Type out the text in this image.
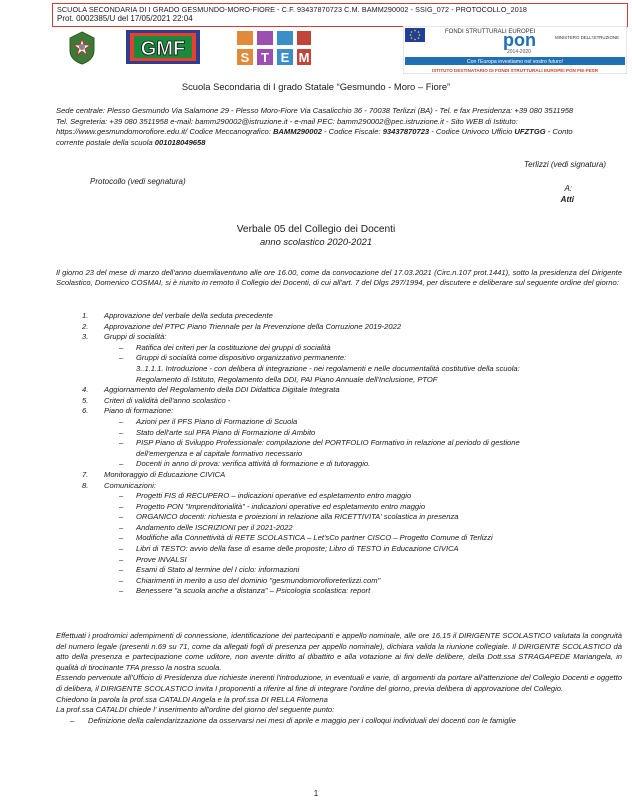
SCUOLA SECONDARIA DI I GRADO GESMUNDO-MORO-FIORE - C.F. 93437870723 C.M. BAMM290002 - SSIG_072 - PROTOCOLLO_2018
Prot. 0002385/U del 17/05/2021 22:04
GMF	S T E M
STEM
FONDI STRUTTURALI EUROPEI
pon
2014-2020
MINISTERO DELL'ISTRUZIONE
Con l'Europa investiamo nel vostro futuro!
ISTITUTO DESTINATARIO DI FONDI STRUTTURALI EUROPEI PON FIE-FESR
Scuola Secondaria di I grado Statale “Gesmundo - Moro – Fiore”
Sede centrale: Plesso Gesmundo Via Salamone 29 - Plesso Moro-Fiore Via Casalicchio 36 - 70038 Terlizzi (BA) - Tel. e fax Presidenza: +39 080 3511958
Tel. Segreteria: +39 080 3511958 e-mail: bamm290002@istruzione.it - e-mail PEC: bamm290002@pec.istruzione.it - Sito WEB di Istituto:
https://www.gesmundomorofiore.edu.it/ Codice Meccanografico: BAMM290002 - Codice Fiscale: 93437870723 - Codice Univoco Ufficio UFZTGG - Conto
corrente postale della scuola 001018049658
Terlizzi (vedi signatura)
Protocollo (vedi segnatura)
A:
Atti
Verbale 05 del Collegio dei Docenti
anno scolastico 2020-2021
Il giorno 23 del mese di marzo dell'anno duemilaventuno alle ore 16.00, come da convocazione del 17.03.2021 (Circ.n.107 prot.1441), sotto la presidenza del Dirigente Scolastico, Domenico COSMAI, si è riunito in remoto il Collegio dei Docenti, di cui all'art. 7 del Dlgs 297/1994, per discutere e deliberare sul seguente ordine del giorno:
1. Approvazione del verbale della seduta precedente
2. Approvazione del PTPC Piano Triennale per la Prevenzione della Corruzione 2019-2022
3. Gruppi di socialità:
– Ratifica dei criteri per la costituzione dei gruppi di socialità
– Gruppi di socialità come dispositivo organizzativo permanente:
3..1.1.1. Introduzione - con delibera di integrazione - nei regolamenti e nelle documentalità costitutive della scuola:
Regolamento di Istituto, Regolamento della DDI, PAI Piano Annuale dell'Inclusione, PTOF
4. Aggiornamento del Regolamento della DDI Didattica Digitale Integrata
5. Criteri di validità dell'anno scolastico -
6. Piano di formazione:
– Azioni per il PFS Piano di Formazione di Scuola
– Stato dell'arte sul PFA Piano di Formazione di Ambito
– PISP Piano di Sviluppo Professionale: compilazione del PORTFOLIO Formativo in relazione al periodo di gestione
dell'emergenza e al capitale formativo necessario
– Docenti in anno di prova: verifica attività di formazione e di tutoraggio.
7. Monitoraggio di Educazione CIVICA
8. Comunicazioni:
– Progetti FIS di RECUPERO – indicazioni operative ed espletamento entro maggio
– Progetto PON "Imprenditorialità" - indicazioni operative ed espletamento entro maggio
– ORGANICO docenti: richiesta e proiezioni in relazione alla RICETTIVITA' scolastica in presenza
– Andamento delle ISCRIZIONI per il 2021-2022
– Modifiche alla Connettività di RETE SCOLASTICA – Let'sCo partner CISCO – Progetto Comune di Terlizzi
– Libri di TESTO: avvio della fase di esame delle proposte; Libro di TESTO in Educazione CIVICA
– Prove INVALSI
– Esami di Stato al termine del I ciclo: informazioni
– Chiarimenti in merito a uso del dominio "gesmundomorofioreterlizzi.com"
– Benessere "a scuola anche a distanza" – Psicologia scolastica: report

Effettuati i prodromici adempimenti di connessione, identificazione dei partecipanti e appello nominale, alle ore 16.15 il DIRIGENTE SCOLASTICO valutata la congruità del numero legale (presenti n.69 su 71, come da allegati fogli di presenza per appello nominale), dichiara valida la riunione collegiale. Il DIRIGENTE SCOLASTICO dà atto della presenza e partecipazione come uditore, non avente diritto al dibattito e alla votazione ai fini delle delibere, della Dott.ssa STRAGAPEDE Mariangela, in qualità di tirocinante TFA presso la nostra scuola.

Essendo pervenute all'Ufficio di Presidenza due richieste inerenti l'introduzione, in eventuali e varie, di argomenti da portare all'attenzione del Collegio Docenti e oggetto di delibera, il DIRIGENTE SCOLASTICO invita I proponenti a riferire al fine di integrare l'ordine del giorno, previa delibera di approvazione del Collegio.

Chiedono la parola la prof.ssa CATALDI Angela e la prof.ssa DI RELLA Filomena

La prof.ssa CATALDI chiede l' inserimento all'ordine del giorno del seguente punto:

– Definizione della calendarizzazione da osservarsi nei mesi di aprile e maggio per i colloqui individuali dei docenti con le famiglie
1
